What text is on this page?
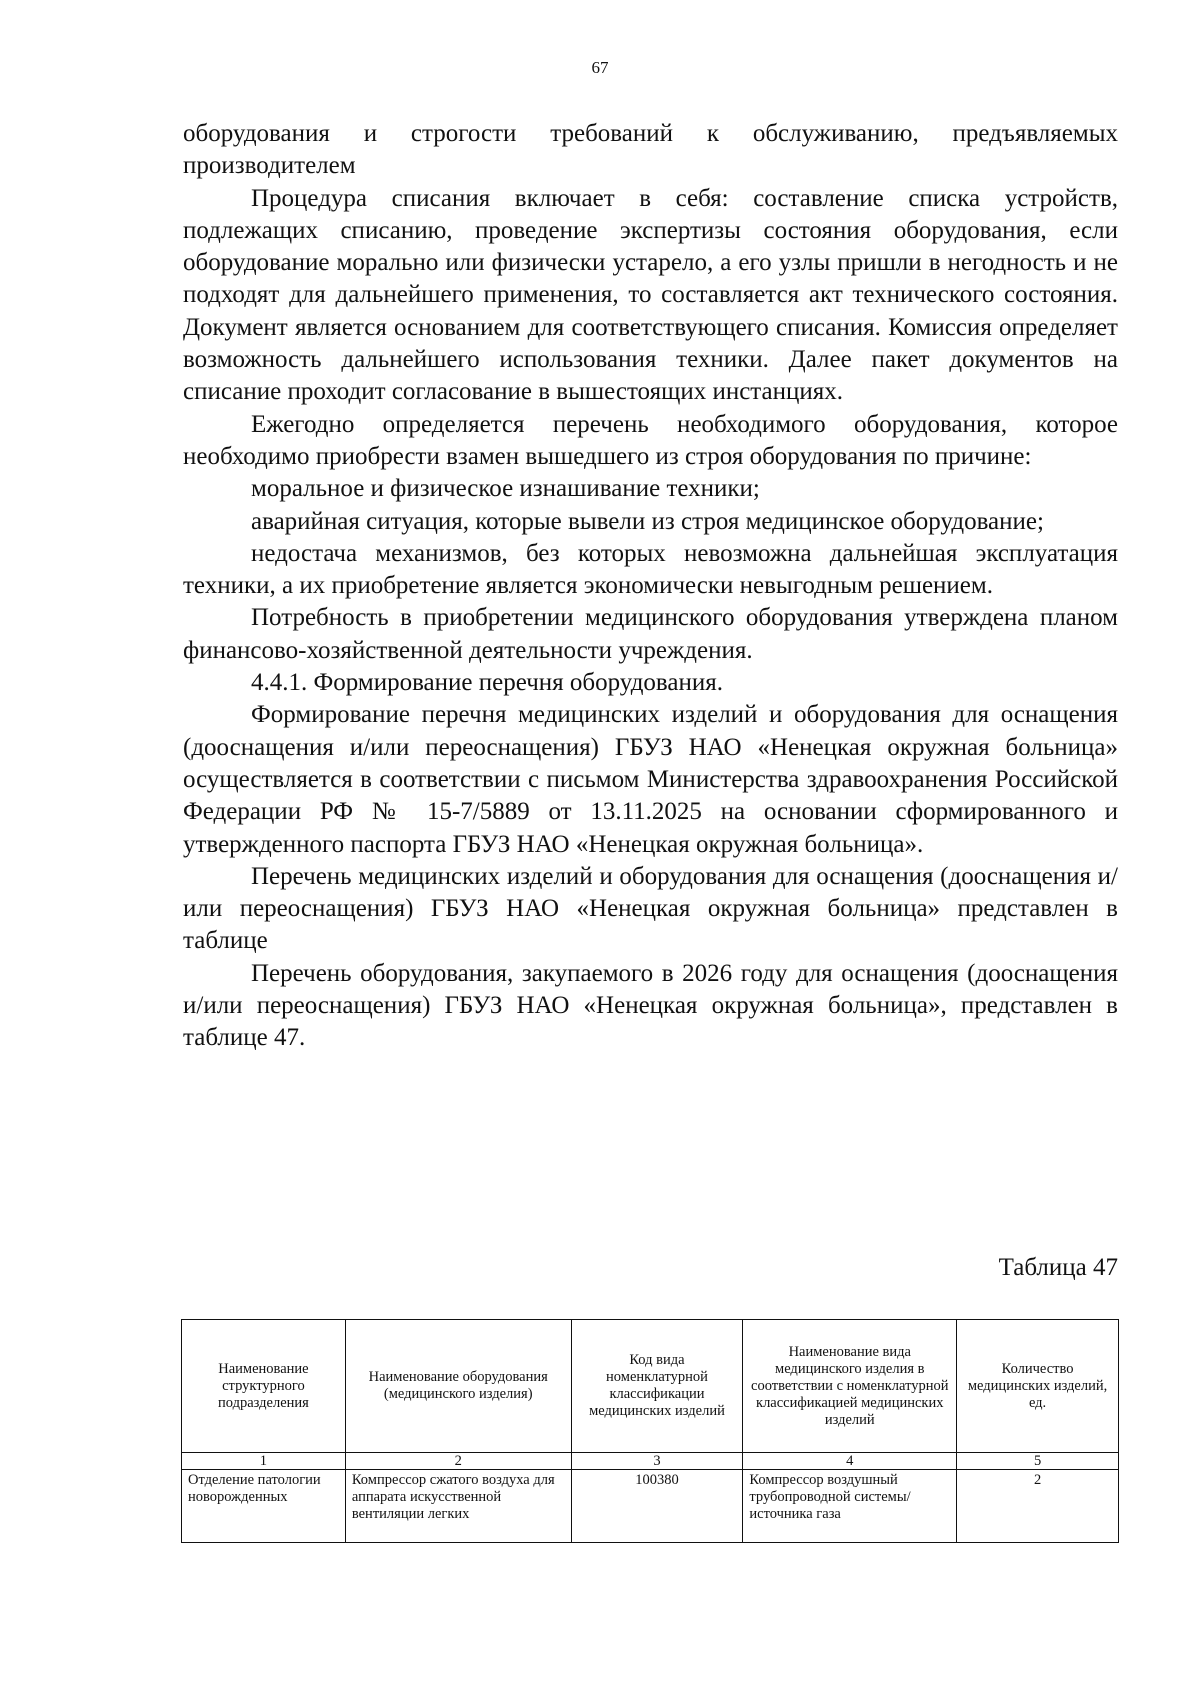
67

оборудования и строгости требований к обслуживанию, предъявляемых производителем

Процедура списания включает в себя: составление списка устройств, подлежащих списанию, проведение экспертизы состояния оборудования, если оборудование морально или физически устарело, а его узлы пришли в негодность и не подходят для дальнейшего применения, то составляется акт технического состояния. Документ является основанием для соответствующего списания. Комиссия определяет возможность дальнейшего использования техники. Далее пакет документов на списание проходит согласование в вышестоящих инстанциях.

Ежегодно определяется перечень необходимого оборудования, которое необходимо приобрести взамен вышедшего из строя оборудования по причине:

моральное и физическое изнашивание техники;

аварийная ситуация, которые вывели из строя медицинское оборудование;

недостача механизмов, без которых невозможна дальнейшая эксплуатация техники, а их приобретение является экономически невыгодным решением.

Потребность в приобретении медицинского оборудования утверждена планом финансово-хозяйственной деятельности учреждения.

4.4.1. Формирование перечня оборудования.

Формирование перечня медицинских изделий и оборудования для оснащения (дооснащения и/или переоснащения) ГБУЗ НАО «Ненецкая окружная больница» осуществляется в соответствии с письмом Министерства здравоохранения Российской Федерации РФ № 15-7/5889 от 13.11.2025 на основании сформированного и утвержденного паспорта ГБУЗ НАО «Ненецкая окружная больница».

Перечень медицинских изделий и оборудования для оснащения (дооснащения и/или переоснащения) ГБУЗ НАО «Ненецкая окружная больница» представлен в таблице

Перечень оборудования, закупаемого в 2026 году для оснащения (дооснащения и/или переоснащения) ГБУЗ НАО «Ненецкая окружная больница», представлен в таблице 47.

Таблица 47
Наименование структурного подразделения	Наименование оборудования (медицинского изделия)	Код вида номенклатурной классификации медицинских изделий	Наименование вида медицинского изделия в соответствии с номенклатурной классификацией медицинских изделий	Количество медицинских изделий, ед.
1	2	3	4	5
Отделение патологии новорожденных	Компрессор сжатого воздуха для аппарата искусственной вентиляции легких	100380	Компрессор воздушный трубопроводной системы/источника газа	2
